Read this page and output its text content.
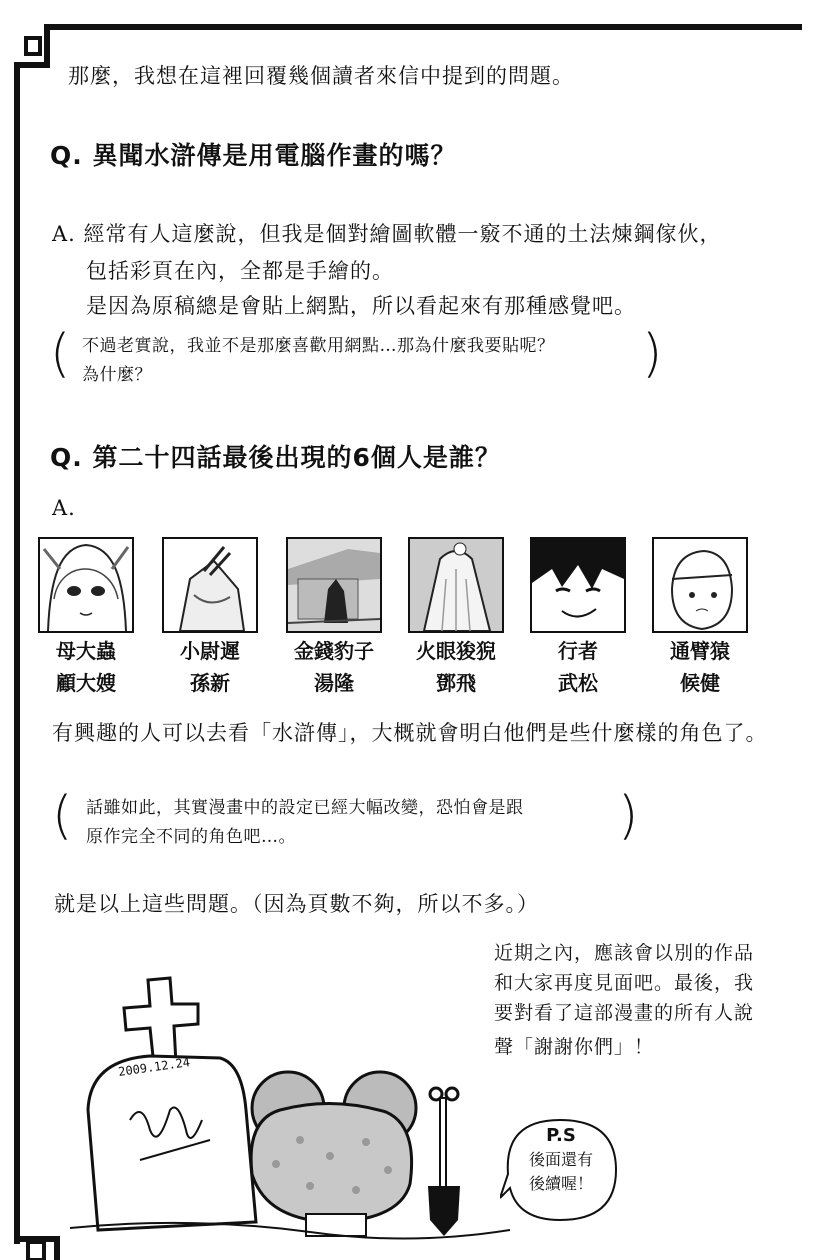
那麼，我想在這裡回覆幾個讀者來信中提到的問題。
Q. 異聞水滸傳是用電腦作畫的嗎？
A. 經常有人這麼說，但我是個對繪圖軟體一竅不通的土法煉鋼傢伙，
包括彩頁在內，全都是手繪的。
是因為原稿總是會貼上網點，所以看起來有那種感覺吧。
( 不過老實說，我並不是那麼喜歡用網點…那為什麼我要貼呢？
為什麼？	)
Q. 第二十四話最後出現的6個人是誰？
A.
母大蟲
顧大嫂
小尉遲
孫新
金錢豹子
湯隆
火眼狻猊
鄧飛
行者
武松
通臂猿
候健
有興趣的人可以去看「水滸傳」，大概就會明白他們是些什麼樣的角色了。
( 話雖如此，其實漫畫中的設定已經大幅改變，恐怕會是跟
原作完全不同的角色吧…。	)
就是以上這些問題。（因為頁數不夠，所以不多。）
近期之內，應該會以別的作品
和大家再度見面吧。最後，我
要對看了這部漫畫的所有人說
聲「謝謝你們」！
2009.12.24
P.S
後面還有
後續喔！
